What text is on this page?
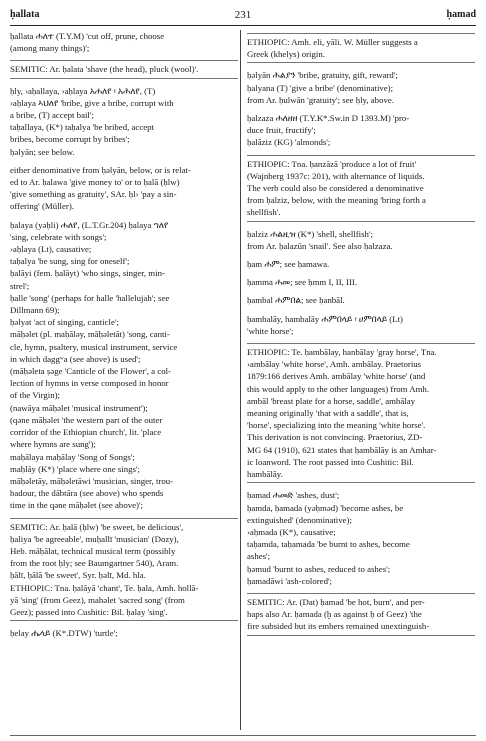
ḥallata	231	ḥamad
ḥallata ሐለተ (T.Y.M) 'cut off, prune, choose
(among many things)';
SEMITIC: Ar. ḥalata 'shave (the head), pluck (wool)'.
ḥly, ›aḥallaya, ›aḥlaya አሐለየ ፡ አሕለየ, (T)
›aḥlaya ኣህለየ 'bribe, give a bribe, corrupt with
a bribe, (T) accept bail';
taḥallaya, (K*) taḥalya 'be bribed, accept
bribes, become corrupt by bribes';
ḥəlyān; see below.
either denominative from ḥəlyān, below, or is relat-
ed to Ar. ḥalawa 'give money to' or to ḥalā (ḥlw)
'give something as gratuity', SAr. ḥl› 'pay a sin-
offering' (Müller).
ḥalaya (yəḥli) ሐለየ, (L.T.Gr.204) ḥalaya ኀለየ
'sing, celebrate with songs';
›aḥlaya (Lt), causative;
taḥalya 'be sung, sing for oneself';
ḥalāyi (fem. ḥalāyt) 'who sings, singer, min-
strel';
ḥalle 'song' (perhaps for halle 'hallelujah'; see
Dillmann 69);
ḥəlyat 'act of singing, canticle';
māḥəlet (pl. maḥāləy, māḥəletāt) 'song, canti-
cle, hymn, psaltery, musical instrument, service
in which daggʷa (see above) is used';
(māḥəleta ṣəge 'Canticle of the Flower', a col-
lection of hymns in verse composed in honor
of the Virgin);
(nawāya māḥəlet 'musical instrument');
(qəne māḥəlet 'the western part of the outer
corridor of the Ethiopian church', lit. 'place
where hymns are sung');
maḥālaya maḥālay 'Song of Songs';
maḥlāy (K*) 'place where one sings';
māḥəletāy, māḥəletāwi 'musician, singer, trou-
badour, the dābtāra (see above) who spends
time in the qəne māḥəlet (see above)';
SEMITIC: Ar. ḥalā (ḥlw) 'be sweet, be delicious',
ḥaliya 'be agreeable', muḥallī 'musician' (Dozy),
Heb. māḥălat, technical musical term (possibly
from the root ḥly; see Baumgartner 540), Aram.
ḥălī, ḥălā 'be sweet', Syr. ḥəlī, Md. hla.
ETHIOPIC: Tna. ḥalāyā 'chant', Te. ḥala, Amh. hollā-
yā 'sing' (from Geez), mahəlet 'sacred song' (from
Geez); passed into Cushitic: Bil. ḥalay 'sing'.
ḥelay ሔላይ (K*.DTW) 'turtle';
ETHIOPIC: Amh. eli, yāli. W. Müller suggests a
Greek (khelys) origin.
ḥəlyān ሕልያን 'bribe, gratuity, gift, reward';
ḥalyana (T) 'give a bribe' (denominative);
from Ar. ḥulwān 'gratuity'; see ḥly, above.
ḥalzaza ሐለዘዘ (T.Y.K*.Sw.in D 1393.M) 'pro-
duce fruit, fructify';
ḥalāziz (KG) 'almonds';
ETHIOPIC: Tna. ḥanzāzā 'produce a lot of fruit'
(Wajnberg 1937c: 201), with alternance of liquids.
The verb could also be considered a denominative
from ḥalziz, below, with the meaning 'bring forth a
shellfish'.
ḥalziz ሐልዚዝ (K*) 'shell, shellfish';
from Ar. ḥalazūn 'snail'. See also ḥalzaza.
ḥam ሐም; see ḥamawa.
ḥamma ሐመ; see ḥmm I, II, III.
ḥambal ሐምበል; see ḥanbāl.
ḥambalāy, hambalāy ሐምበላይ ፡ ሀምበላይ (Lt)
'white horse';
ETHIOPIC: Te. ḥambālay, hanbālay 'gray horse', Tna.
›ambālay 'white horse', Amh. ambālay. Praetorius
1879:166 derives Amh. ambālay 'white horse' (and
this would apply to the other languages) from Amh.
ambāl 'breast plate for a horse, saddle', ambālay
meaning originally 'that with a saddle', that is,
'horse', specializing into the meaning 'white horse'.
This derivation is not convincing. Praetorius, ZD-
MG 64 (1910), 621 states that ḥambālāy is an Amhar-
ic loanword. The root passed into Cushitic: Bil.
hambālāy.
ḥamad ሐመድ 'ashes, dust';
ḥamda, ḥamada (yəḥməd) 'become ashes, be
extinguished' (denominative);
›aḥmada (K*), causative;
taḥamda, taḥamada 'be burnt to ashes, become
ashes';
ḥəmud 'burnt to ashes, reduced to ashes';
ḥamadāwi 'ash-colored';
SEMITIC: Ar. (Dat) ḥamad 'be hot, burn', and per-
haps also Ar. ḥamada (ḫ as against ḥ of Geez) 'the
fire subsided but its embers remained unextinguish-
